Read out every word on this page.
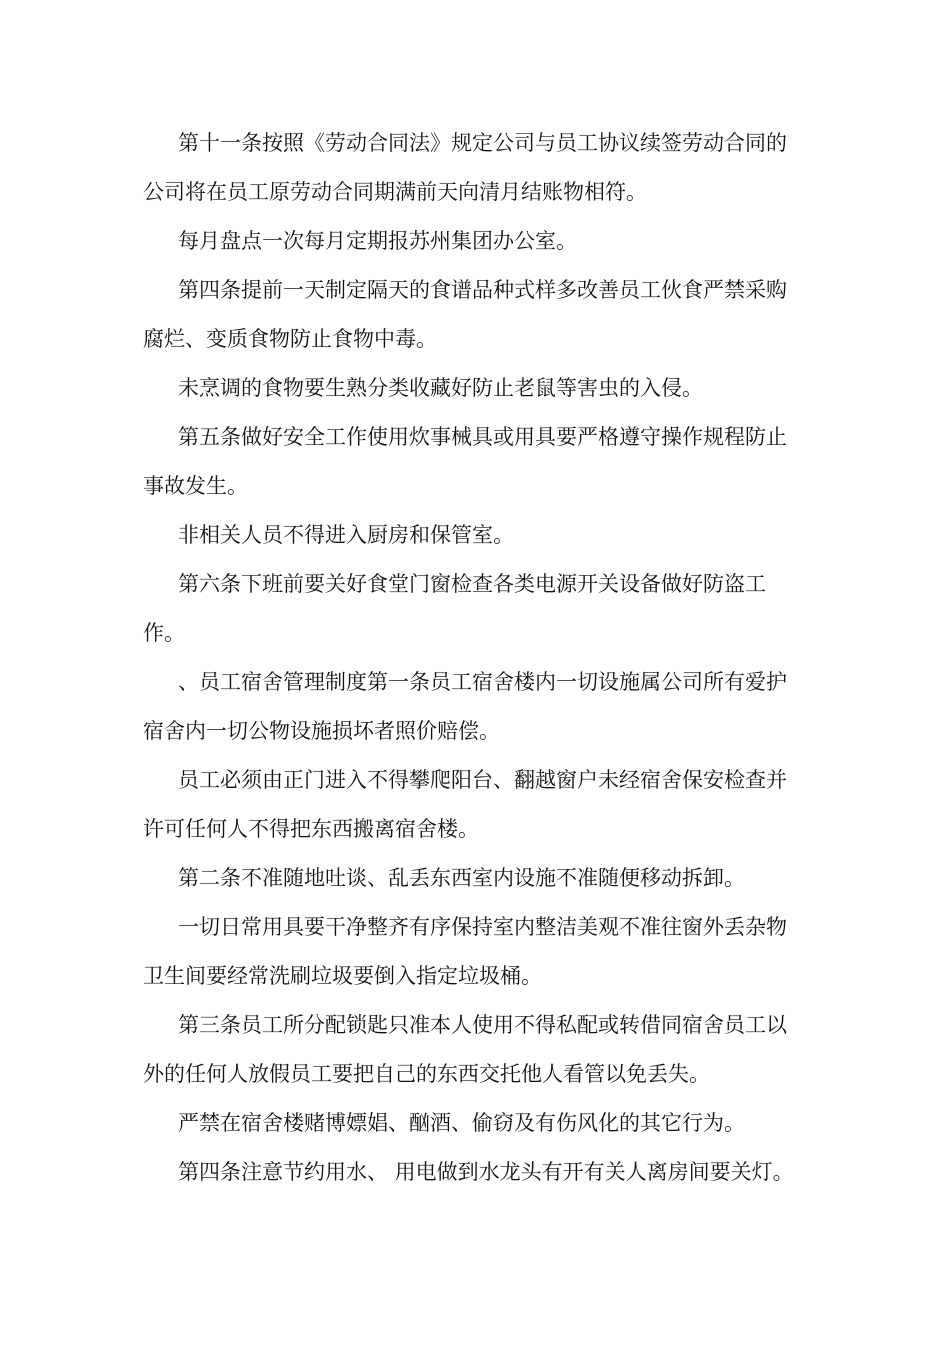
第十一条按照《劳动合同法》规定公司与员工协议续签劳动合同的公司将在员工原劳动合同期满前天向清月结账物相符。

每月盘点一次每月定期报苏州集团办公室。

第四条提前一天制定隔天的食谱品种式样多改善员工伙食严禁采购腐烂、变质食物防止食物中毒。

未烹调的食物要生熟分类收藏好防止老鼠等害虫的入侵。

第五条做好安全工作使用炊事械具或用具要严格遵守操作规程防止事故发生。

非相关人员不得进入厨房和保管室。

第六条下班前要关好食堂门窗检查各类电源开关设备做好防盗工作。

、员工宿舍管理制度第一条员工宿舍楼内一切设施属公司所有爱护宿舍内一切公物设施损坏者照价赔偿。

员工必须由正门进入不得攀爬阳台、翻越窗户未经宿舍保安检查并许可任何人不得把东西搬离宿舍楼。

第二条不准随地吐谈、乱丢东西室内设施不准随便移动拆卸。

一切日常用具要干净整齐有序保持室内整洁美观不准往窗外丢杂物卫生间要经常洗刷垃圾要倒入指定垃圾桶。

第三条员工所分配锁匙只准本人使用不得私配或转借同宿舍员工以外的任何人放假员工要把自己的东西交托他人看管以免丢失。

严禁在宿舍楼赌博嫖娼、酗酒、偷窃及有伤风化的其它行为。

第四条注意节约用水、 用电做到水龙头有开有关人离房间要关灯。
